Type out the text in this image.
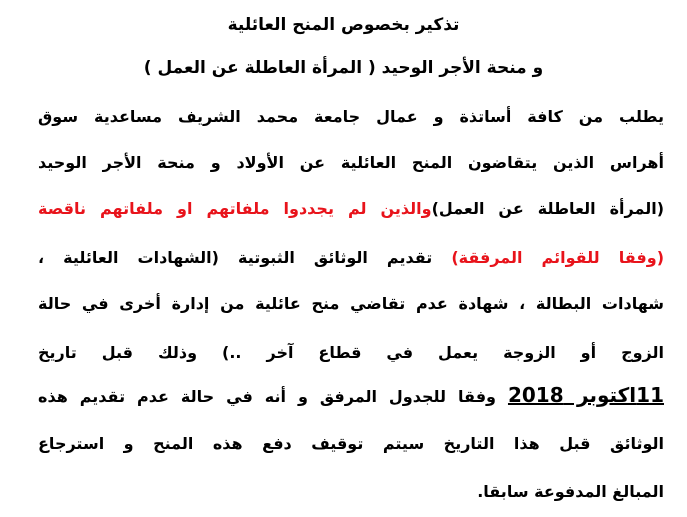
تذكير بخصوص المنح العائلية
و منحة الأجر الوحيد ( المرأة العاطلة عن العمل )
يطلب من كافة أساتذة و عمال جامعة محمد الشريف مساعدية سوق
أهراس الذين يتقاضون المنح العائلية عن الأولاد و منحة الأجر الوحيد
(المرأة العاطلة عن العمل)والذين لم يجددوا ملفاتهم او ملفاتهم ناقصة
(وفقا للقوائم المرفقة) تقديم الوثائق الثبوتية (الشهادات العائلية ،
شهادات البطالة ، شهادة عدم تقاضي منح عائلية من إدارة أخرى في حالة
الزوج أو الزوجة يعمل في قطاع آخر ..) وذلك قبل تاريخ
11اكتوبر 2018 وفقا للجدول المرفق و أنه في حالة عدم تقديم هذه
الوثائق قبل هذا التاريخ سيتم توقيف دفع هذه المنح و استرجاع
المبالغ المدفوعة سابقا.
